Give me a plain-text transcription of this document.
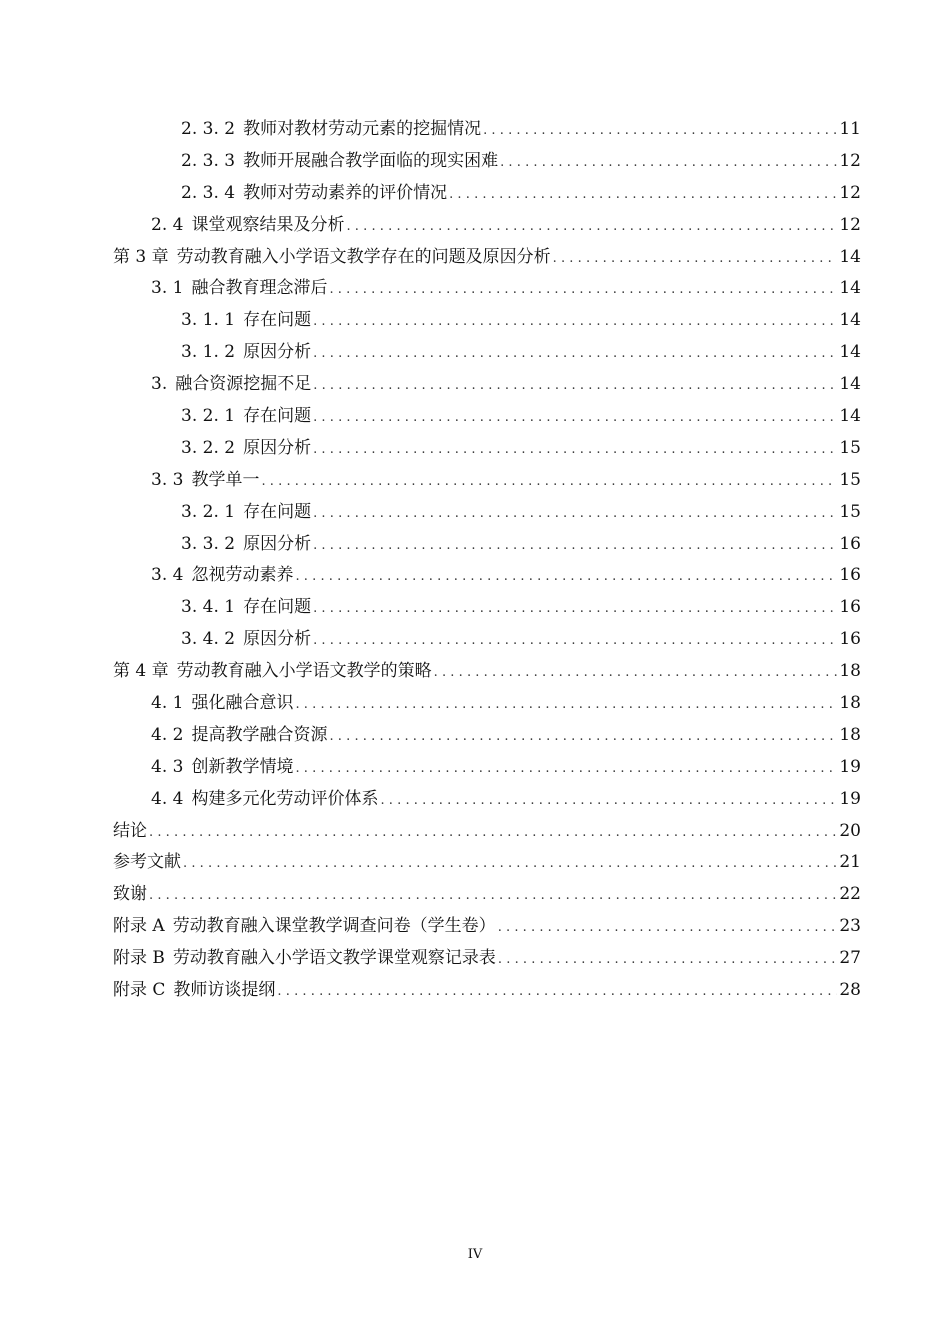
2. 3. 2 教师对教材劳动元素的挖掘情况 .....	11
2. 3. 3 教师开展融合教学面临的现实困难 .....	12
2. 3. 4 教师对劳动素养的评价情况 .....	12
2. 4 课堂观察结果及分析 .....	12
第 3 章 劳动教育融入小学语文教学存在的问题及原因分析 .....	14
3. 1 融合教育理念滞后 .....	14
3. 1. 1 存在问题 .....	14
3. 1. 2 原因分析 .....	14
3. 融合资源挖掘不足 .....	14
3. 2. 1 存在问题 .....	14
3. 2. 2 原因分析 .....	15
3. 3 教学单一 .....	15
3. 2. 1 存在问题 .....	15
3. 3. 2 原因分析 .....	16
3. 4 忽视劳动素养 .....	16
3. 4. 1 存在问题 .....	16
3. 4. 2 原因分析 .....	16
第 4 章 劳动教育融入小学语文教学的策略 .....	18
4. 1 强化融合意识 .....	18
4. 2 提高教学融合资源 .....	18
4. 3 创新教学情境 .....	19
4. 4 构建多元化劳动评价体系 .....	19
结论 .....	20
参考文献 .....	21
致谢 .....	22
附录 A 劳动教育融入课堂教学调查问卷（学生卷） .....	23
附录 B 劳动教育融入小学语文教学课堂观察记录表 .....	27
附录 C 教师访谈提纲 .....	28
IV
